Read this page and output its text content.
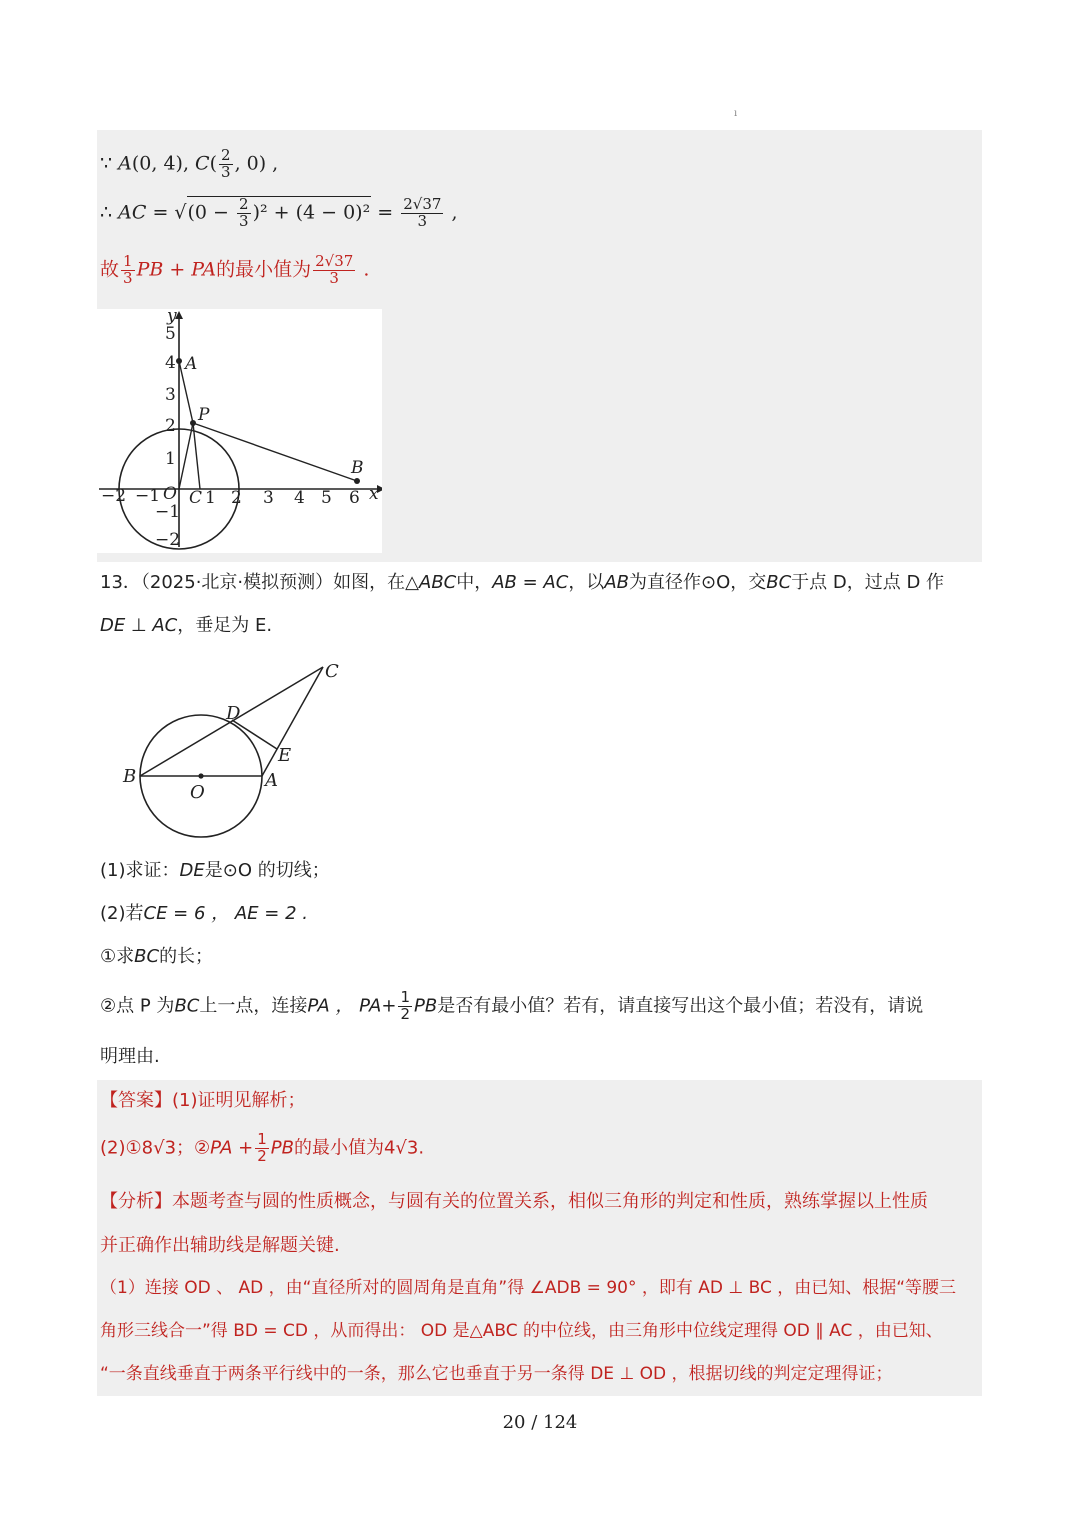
ı
∵ A(0, 4), $C( \frac{2}{3}$ , 0) ,
∴ AC = $√(0 - \frac{2}{3} )^2 + (4 - 0)^2 = \frac{2√37}{3}$ ,
故 $\frac{1}{3}$ PB + PA的最小值为 $\frac{2√37}{3}$ .
y
x
5
4
3
2
1
−1
−2
−2 −1	1 2 3 4 5 6
O
A
P
B
C
13．（2025·北京·模拟预测）如图，在△ABC中，AB = AC，以AB为直径作⊙O，交BC于点 D，过点 D 作
DE ⊥ AC，垂足为 E.
B	A
C
D
E
O
(1)求证：DE是⊙O 的切线；
(2)若CE = 6 ， AE = 2 .
①求BC的长；
②点 P 为BC上一点，连接PA ， $PA+ \frac{1}{2}$ PB是否有最小值？若有，请直接写出这个最小值；若没有，请说
明理由.
【答案】(1)证明见解析；
(2)①8√3；②PA + $\frac{1}{2}$ PB的最小值为4√3.
【分析】本题考查与圆的性质概念，与圆有关的位置关系，相似三角形的判定和性质，熟练掌握以上性质
并正确作出辅助线是解题关键.
（1）连接 OD 、 AD ，由“直径所对的圆周角是直角”得 ∠ADB = 90° ，即有 AD ⊥ BC ，由已知、根据“等腰三
角形三线合一”得 BD = CD ，从而得出： OD 是△ABC 的中位线，由三角形中位线定理得 OD ∥ AC ，由已知、
“一条直线垂直于两条平行线中的一条，那么它也垂直于另一条得 DE ⊥ OD ，根据切线的判定定理得证；
20 / 124
